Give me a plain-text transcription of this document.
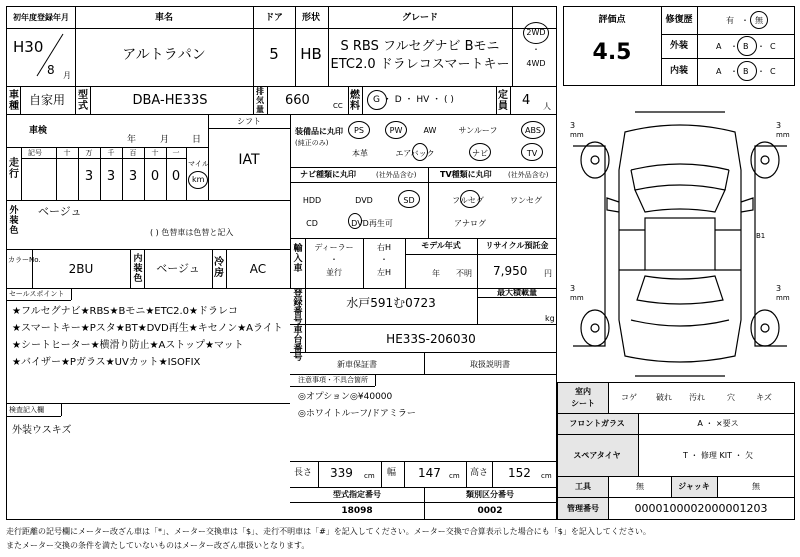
初年度登録年月
H30
8 月
車名
アルトラパン
ドア
5
形状
HB
グレード
S RBS フルセグナビ Bモニ
ETC2.0 ドラレコスマートキー
2WD
・
4WD
車種 自家用 型式	DBA-HE33S
排気量
660	CC
燃料
G ・ D ・ HV ・ ( )	定員 4 人
車検
年	月	日
シフト
IAT
走行
記号	十 万 千 百 十 一
3 3 3 0 0
マイル
km
外装色
ベージュ
( ) 色替車は色替と記入
カラーNo.
2BU
内装色
ベージュ 冷房 AC
装備品に丸印
(純正のみ)
PS	PW	AW	サンルーフ	ABS
本革	エアバック	ナビ	TV
ナビ種類に丸印	(社外品含む)
HDD	DVD	SD
CD	DVD再生可
TV種類に丸印 (社外品含む)
フルセグ	ワンセグ
アナログ
輸入車
ディーラー
・
並行
右H
・
左H
モデル年式
年 不明
リサイクル預託金
7,950 円
セールスポイント
★フルセグナビ★RBS★Bモニ★ETC2.0★ドラレコ
★スマートキー★Pスタ★BT★DVD再生★キセノン★Aライト
★シートヒーター★横滑り防止★Aストップ★マット
★バイザー★Pガラス★UVカット★ISOFIX
検査記入欄
外装ウスキズ
登録番号
水戸591む0723
最大積載量
kg
車台番号
HE33S-206030
新車保証書	取扱説明書
注意事項・不具合箇所
◎オプション◎¥40000
◎ホワイトルーフ/ドアミラー
長さ 339 cm 幅 147 cm 高さ 152 cm
型式指定番号
18098
類別区分番号
0002
評価点
4.5
修復歴	有 ・ 無
外装	A ・ B ・ C
内装	A ・ B ・ C
3
mm
3
mm
3
mm
3
mm
B1
室内
シート
コゲ 破れ 汚れ	穴	キズ
フロントガラス	A ・ ×要ス
スペアタイヤ	T ・ 修理 KIT ・ 欠
工具	無	ジャッキ	無
管理番号	0000100002000001203
走行距離の記号欄にメーター改ざん車は「*」、メーター交換車は「$」、走行不明車は「#」を記入してください。メーター交換で合算表示した場合にも「$」を記入してください。
またメーター交換の条件を満たしていないものはメーター改ざん車扱いとなります。
